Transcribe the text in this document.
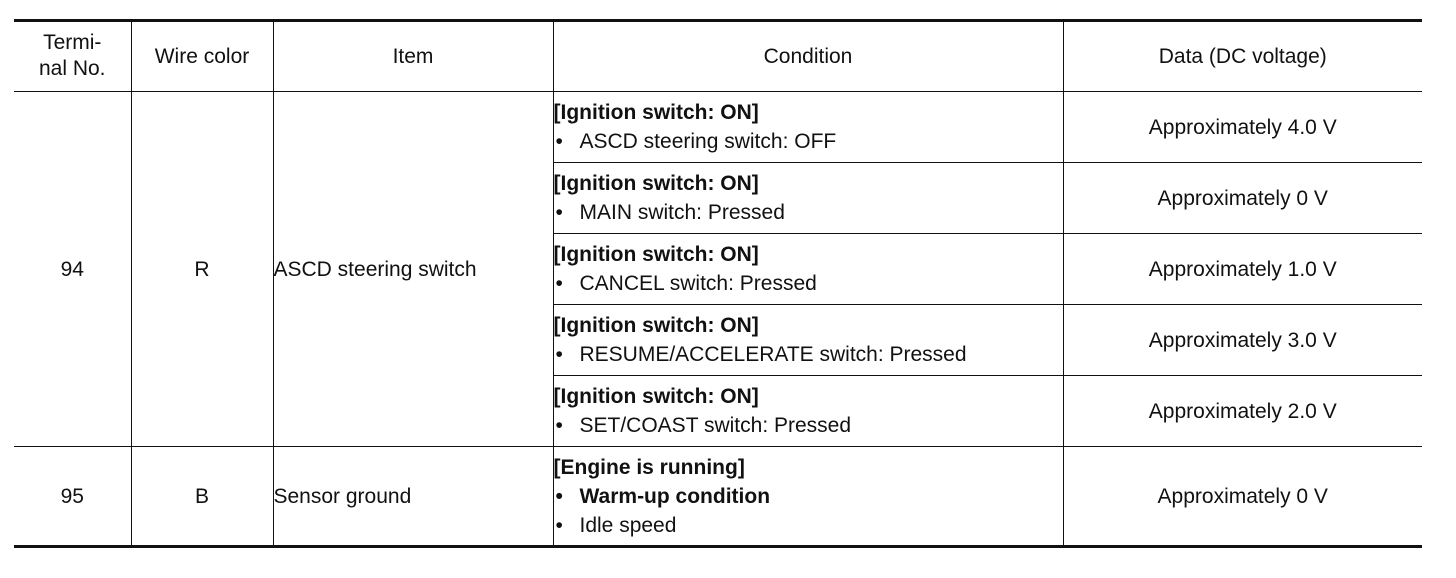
Termi-
nal No.	Wire color	Item	Condition	Data (DC voltage)
94	R	ASCD steering switch	[Ignition switch: ON]
• ASCD steering switch: OFF	Approximately 4.0 V

			[Ignition switch: ON]
• MAIN switch: Pressed	Approximately 0 V

			[Ignition switch: ON]
• CANCEL switch: Pressed	Approximately 1.0 V

			[Ignition switch: ON]
• RESUME/ACCELERATE switch: Pressed	Approximately 3.0 V

			[Ignition switch: ON]
• SET/COAST switch: Pressed	Approximately 2.0 V
95	B	Sensor ground	[Engine is running]
• Warm-up condition
• Idle speed	Approximately 0 V
